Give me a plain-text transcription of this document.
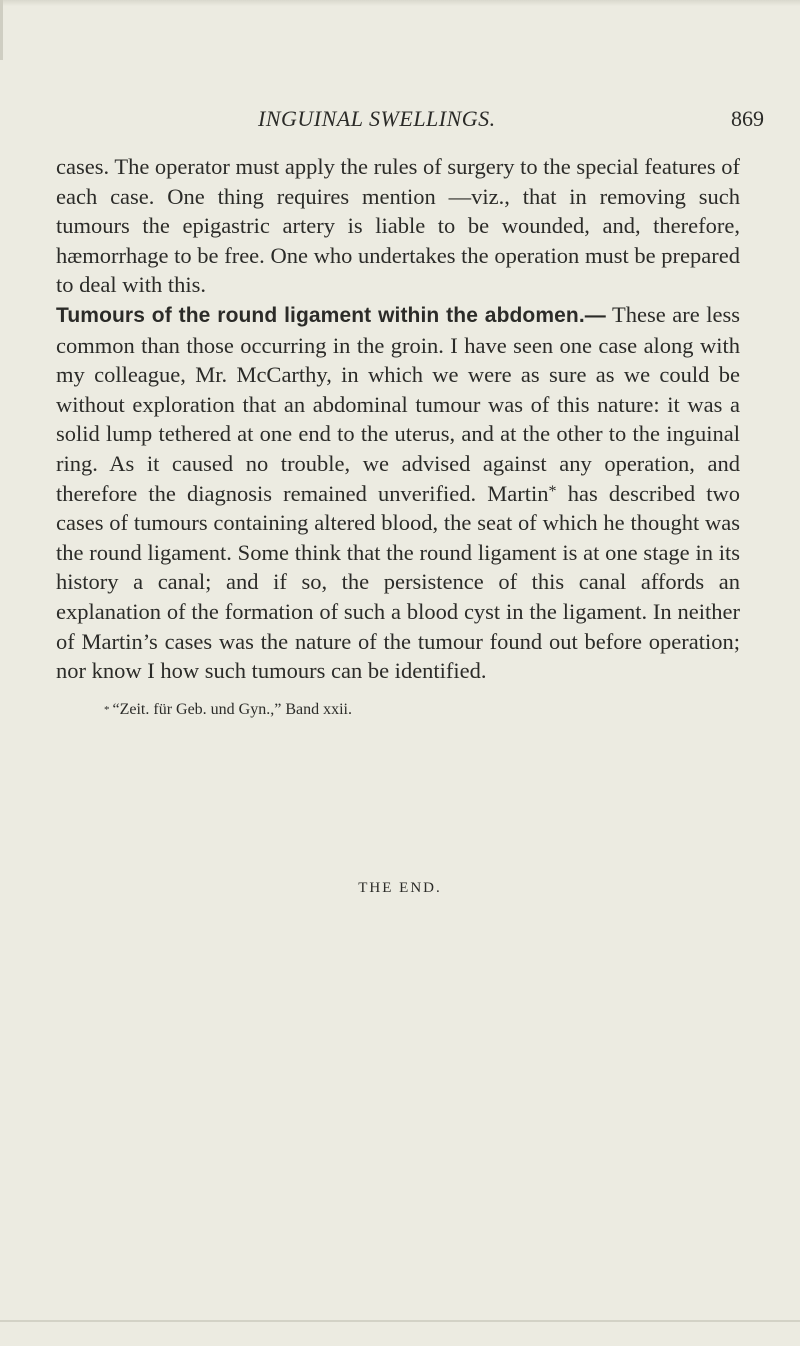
INGUINAL SWELLINGS.	869

cases. The operator must apply the rules of surgery to the special features of each case. One thing requires mention —viz., that in removing such tumours the epigastric artery is liable to be wounded, and, therefore, hæmorrhage to be free. One who undertakes the operation must be prepared to deal with this.

Tumours of the round ligament within the abdomen.— These are less common than those occurring in the groin. I have seen one case along with my colleague, Mr. McCarthy, in which we were as sure as we could be without exploration that an abdominal tumour was of this nature: it was a solid lump tethered at one end to the uterus, and at the other to the inguinal ring. As it caused no trouble, we advised against any operation, and therefore the diagnosis remained unverified. Martin* has described two cases of tumours containing altered blood, the seat of which he thought was the round ligament. Some think that the round ligament is at one stage in its history a canal; and if so, the persistence of this canal affords an explanation of the formation of such a blood cyst in the ligament. In neither of Martin’s cases was the nature of the tumour found out before operation; nor know I how such tumours can be identified.

* “Zeit. für Geb. und Gyn.,” Band xxii.

THE END.
